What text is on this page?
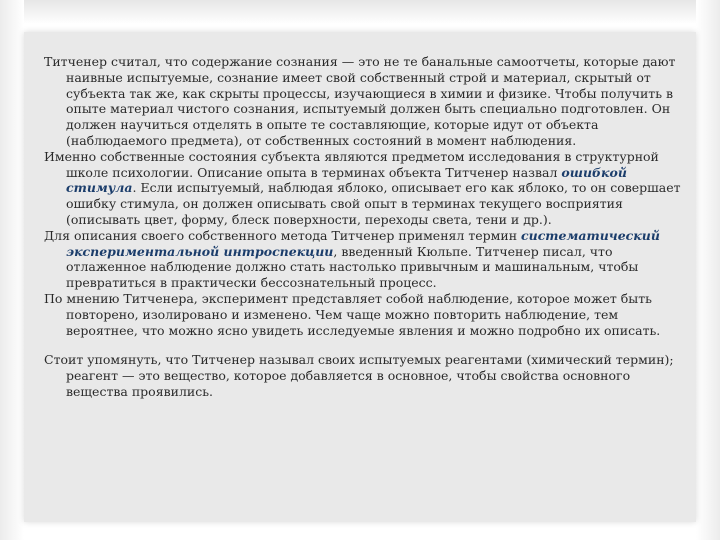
Титченер считал, что содержание сознания — это не те банальные самоотчеты, которые дают наивные испытуемые, сознание имеет свой собственный строй и материал, скрытый от субъекта так же, как скрыты процессы, изучающиеся в химии и физике. Чтобы получить в опыте материал чистого сознания, испытуемый должен быть специально подготовлен. Он должен научиться отделять в опыте те составляющие, которые идут от объекта (наблюдаемого предмета), от собственных состояний в момент наблюдения.

Именно собственные состояния субъекта являются предметом исследования в структурной школе психологии. Описание опыта в терминах объекта Титченер назвал ошибкой стимула. Если испытуемый, наблюдая яблоко, описывает его как яблоко, то он совершает ошибку стимула, он должен описывать свой опыт в терминах текущего восприятия (описывать цвет, форму, блеск поверхности, переходы света, тени и др.).

Для описания своего собственного метода Титченер применял термин систематический экспериментальной интроспекции, введенный Кюльпе. Титченер писал, что отлаженное наблюдение должно стать настолько привычным и машинальным, чтобы превратиться в практически бессознательный процесс.

По мнению Титченера, эксперимент представляет собой наблюдение, которое может быть повторено, изолировано и изменено. Чем чаще можно повторить наблюдение, тем вероятнее, что можно ясно увидеть исследуемые явления и можно подробно их описать.

Стоит упомянуть, что Титченер называл своих испытуемых реагентами (химический термин); реагент — это вещество, которое добавляется в основное, чтобы свойства основного вещества проявились.
